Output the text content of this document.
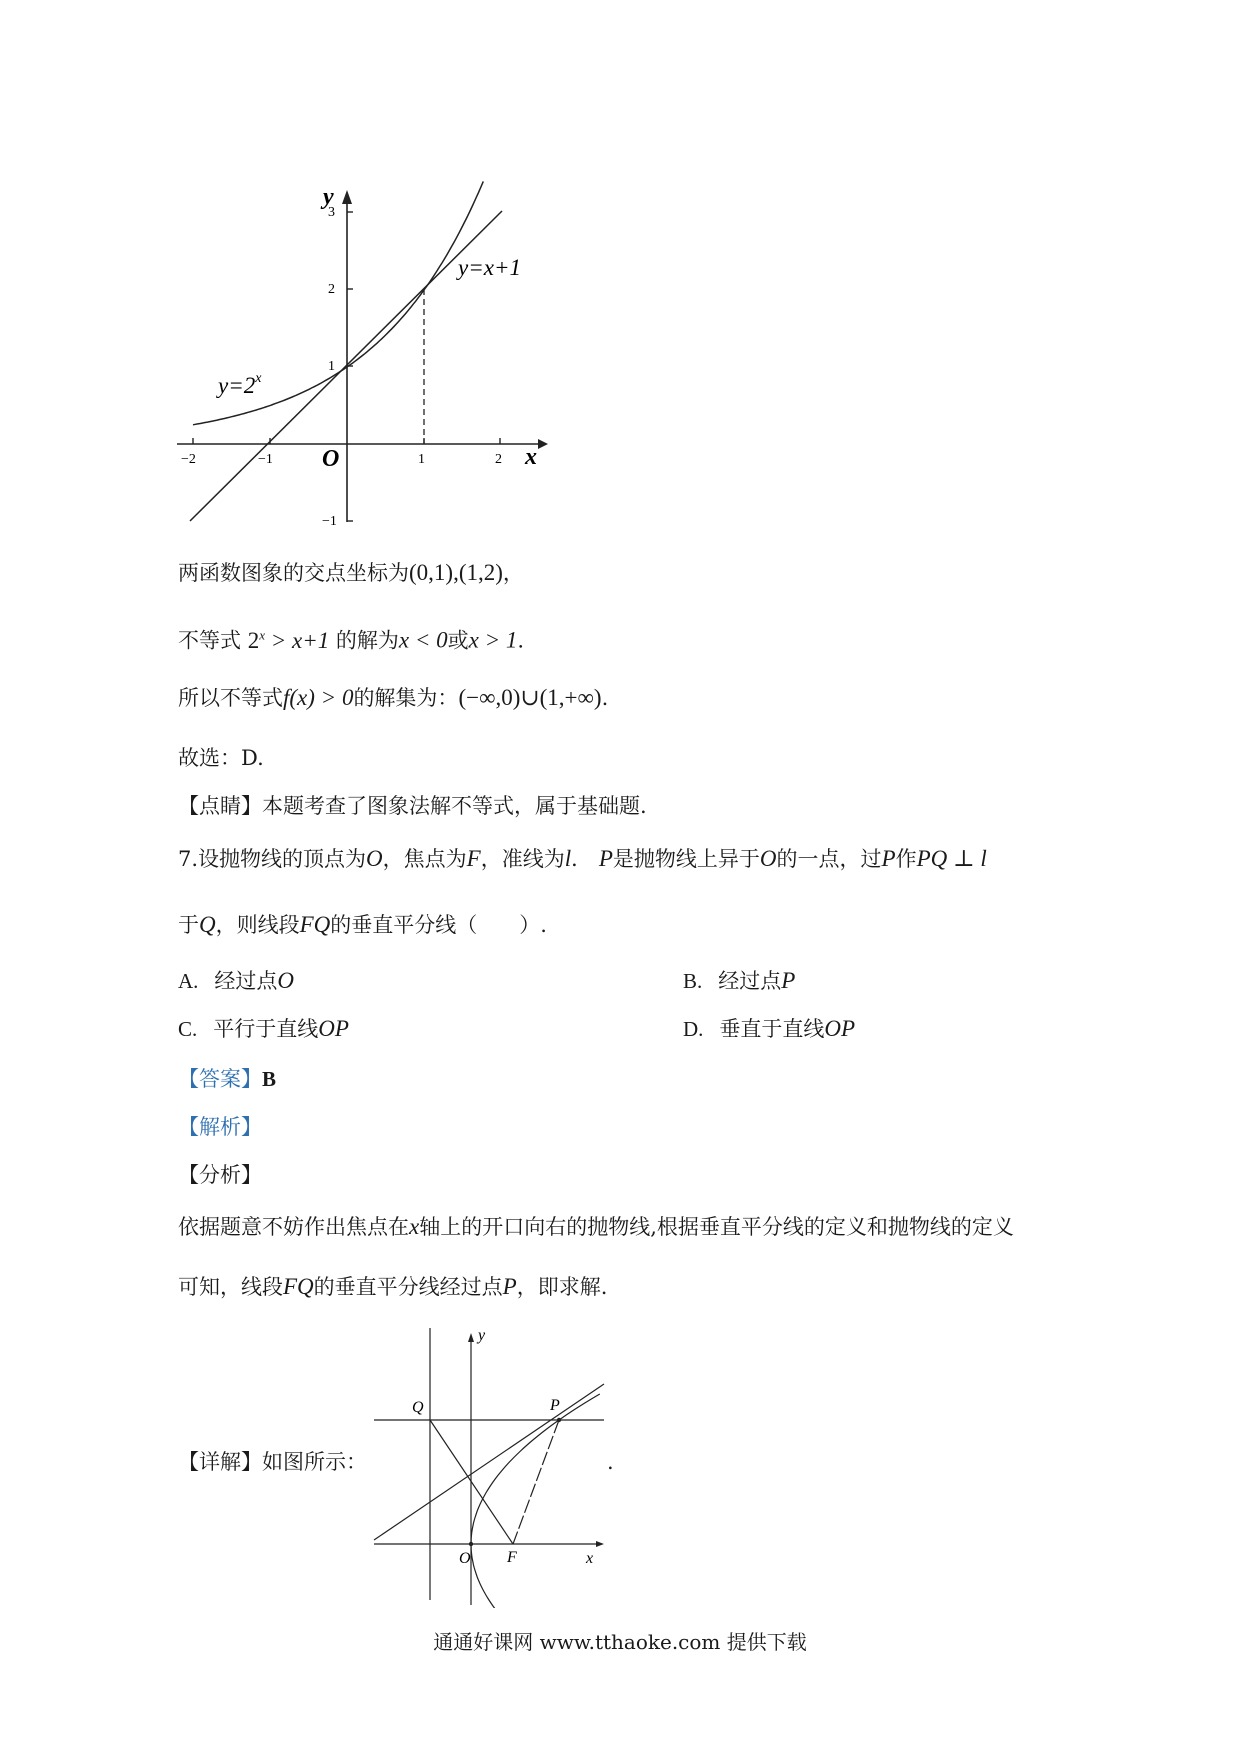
−2	−1	1	2
3
2
1
−1
y
x
O
$y=2^x$
y=x+1
两函数图象的交点坐标为(0,1),(1,2)，
不等式 $2^x > x+1$ 的解为x < 0或x > 1.
所以不等式f(x) > 0的解集为：(−∞,0)∪(1,+∞).
故选：D.
【点睛】本题考查了图象法解不等式，属于基础题.
7.设抛物线的顶点为O，焦点为F，准线为l． P是抛物线上异于O的一点，过P作PQ ⊥ l
于Q，则线段FQ的垂直平分线（　　）.
A. 经过点O	B. 经过点P
C. 平行于直线OP	D. 垂直于直线OP
【答案】B
【解析】
【分析】
依据题意不妨作出焦点在x轴上的开口向右的抛物线,根据垂直平分线的定义和抛物线的定义
可知，线段FQ的垂直平分线经过点P，即求解.
【详解】如图所示：	.
y
x
Q	P
O F
通通好课网 www.tthaoke.com 提供下载
